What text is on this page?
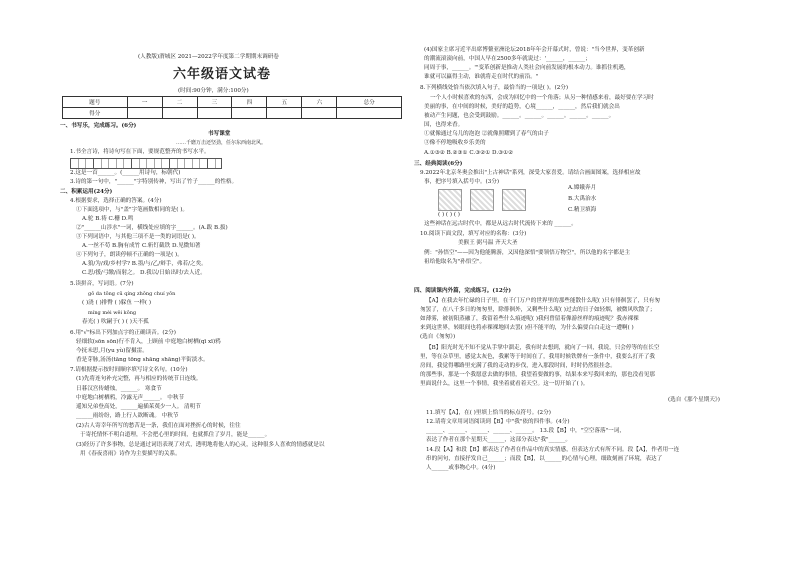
(人教版)渭城区 2021—2022学年度第二学期期末调研卷
六年级语文试卷
(时间:90分钟，满分:100分)
题号	一	二	三	四	五	六	总分
得分							
一、书写乐，完成练习。(6分)
书写课堂
……千磨万击还坚劲，任尔东西南北风。
1.书全言诗，将诗句写在下面，要规范整齐的书写水平。
2.这是一首______。(______用诗句，标朝代)
3.诗的第一句中，"______"字特别传神，写出了竹子______的性格。
二、积累运用(24分)
4.根据要求，选择正确的答案。(4分)
①下面选项中，与"盖"字笔画数相同的是( )。
A.驼 B.祷 C.栅 D.鸣
②"______山涉水"一词，横线处应填的字______。(A.跋 B.拔)
③下列词语中，与其他三项不是一类的词语是( )。
A.一丝不苟 B.胸有成竹 C.斩钉截铁 D.见微知著
④下列句子，朗读停顿不正确的一项是( )。
A.狼/为/戏/乡村学? B.墨/与/乙/辩手，弗若/之矣。
C.思/援/弓缴/而射之。 D.我以/日始出时/去人近。
5.读拼音，写词语。(7分)
gǒ da tōng cū qíng zhōng chuí yōn
( )浇 ( )排臀 ( )躲鱼 一样( )
míng mèi wěi kōng
春光( ) 吹嗣于( ) ( )天不孤
6.用"√"标出下列加点字的正确读音。(2分)
轻细软(sōn sōn)行不肯入，上顾前 中庭地白树栖(qī xī)鸦
今抚未思,月(yu yù)留摄雷。
香是芽脉,汤汤(tāng tōng shāng shāng)平街淡水。
7.请根据提示按时间顺序填写诗文名句。(10分)
(1)先将连句补充完整，再与相应的传统节日连线。
日暮汉宫传蜡烛，______。 寒食节
中庭地白树栖鸦，冷露无声______。 中秋节
遥知兄弟登高处，______遍插茱萸少一人。 清明节
______雨纷纷，路上行人欲断魂。 中秋节
(2)古人寄幸年所写的愁苦是一条，我们在面对挫折心的时候，往往
于寄托情怀不明白道理，不会把心里的时间，也就抓住了岁月，能是______。
(3)经历了许多事物，总是通过词语表现了对式，透明地将他人的心灵，这种很多人喜欢的情感就是以
用《春夜喜雨》诗作为主要描写的关系。
(4)国家主席习近平出席博鳌亚洲论坛2018年年会开幕式时，曾说："当今世界，变革创新
的潮流滚滚向前，中国人早在2500多年就说过：'______，______；
同周于事，______。'"变革创新是推动人类社会向前发展的根本动力。谁抓住机遇，
谁就可以赢得主动，谁就将走在时代的前沿。"
8.下列横线处恰当依次填入句子，最恰当的一项是( )。(2分)
一个人小时候喜欢的东西，会成为回忆中的一个角落；从另一种情感来看，最好要在学习时
美丽的事，在中间的时候，美好的趋势，心境______，______，然后我们就会出
被动产生问题，也会受到鼓励。______。______。______。______。______。
国，也得来香。
①就像通过乌儿的泡泡 ②就像照耀到了春气的由子
③像不停地吸收乡乐美的
A.①③② B.②③① C.③②① D.③①②
三、经典阅读(6分)
9.2022年北京冬奥会推出"上古神话"系列，深受大家喜爱。请结合画面图案，选择相应故
事，把序号填入括号中。(3分)
A.嫦娥奔月
B.大禹治水
C.精卫填海
( ) ( ) ( )
这些神话在远古时代中，都是从远古时代流传下来的 ______。
10.阅读下面文段，填写对应的名称：(3分)
美猴王 弼马温 齐天大圣
例："孙悟空"——因为他能腾游，又因他深悟"要领悟万物空"，所以他的名字都是主
祖给他取名为"孙悟空"。
四、阅读课内外篇，完成练习。(12分)
【A】在我去年忙碌的日子里，在千门万户的世界里的那些能散什么呢( )只有徘徊罢了，只有匆
匆罢了，在八千多日的匆匆里，除徘徊外，又剩些什么呢( )过去的日子如轻烟，被微风吹散了；
如薄雾，被初阳蒸融了，我留着些什么痕迹呢( )我何曾留着像游丝样的痕迹呢？我赤裸裸
来到这世界，转眼间也将赤裸裸地回去罢( )但不能平的，为什么偏要白白走这一遭啊( )
(选自《匆匆》)
【B】阳光时光不知不觉从手掌中溜走，我有时去想到，就向了一回，我说，只会停等的在长空
里，等在杂草里，感觉太灰色，我累等于时间在了，我用时候铁牌有一条件中，我要么打开了我
房间，我觉得哪路里充满了我的走动的步伐，进入那段时间，时时仍然很挂念。
的那些事，那是一个我愿意去做的事情，我望着要做的事，结果本来写我回来的，那也没看见那
里面说什么，这里一个事情，我坐着就看着天空。这一切开始了( )。
(选自《那个星期天》)
11.填写【A】，在( )里填上恰当的标点符号。(2分)
12.请将文章用词语阅读到【B】中"我"依的四件事。(4分)
______、______、______、______、______。 13.段【B】中，"空空落落"一词，
表达了作者在那个星期天______，这部分表达"我"______。
14.段【A】和段【B】都表达了作者在作品中的真实情感，但表达方式有所不同。段【A】，作者用一连
串的问句，直接抒发自己______；而段【B】，以______的心情与心理，细致刻画了环境，表达了
人______或事物心中。(4分)
